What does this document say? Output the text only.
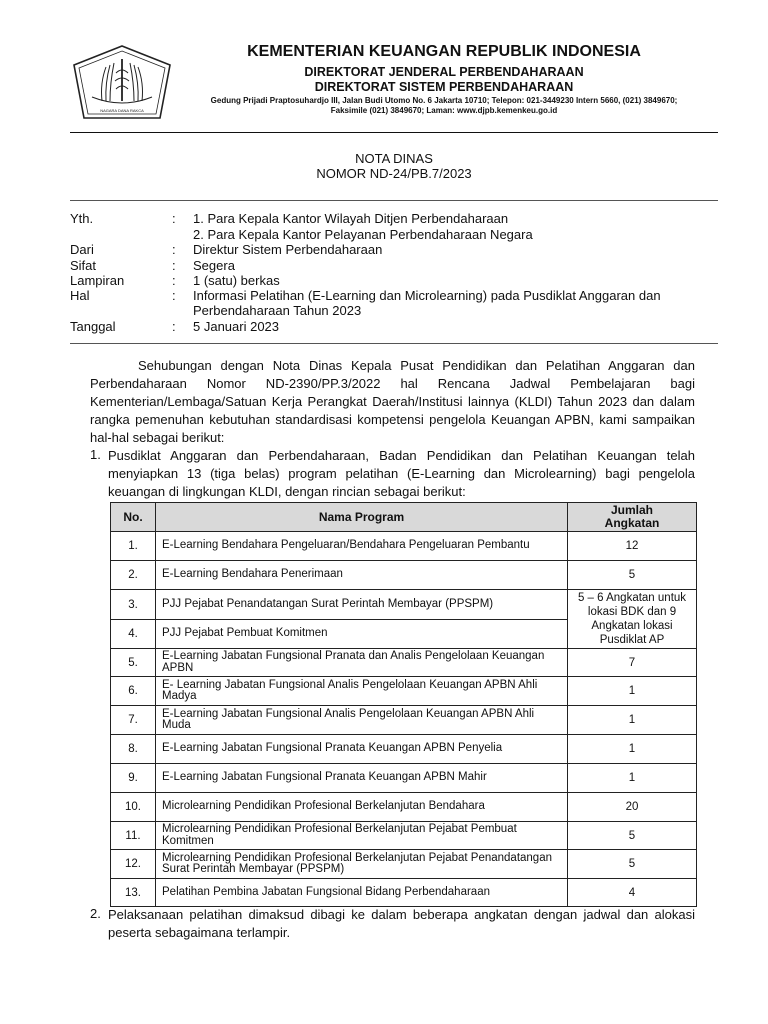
NAGARA DANA RAKCA
KEMENTERIAN KEUANGAN REPUBLIK INDONESIA
DIREKTORAT JENDERAL PERBENDAHARAAN
DIREKTORAT SISTEM PERBENDAHARAAN
Gedung Prijadi Praptosuhardjo III, Jalan Budi Utomo No. 6 Jakarta 10710; Telepon: 021-3449230 Intern 5660, (021) 3849670;
Faksimile (021) 3849670; Laman: www.djpb.kemenkeu.go.id
NOTA DINAS
NOMOR ND-24/PB.7/2023
Yth.	: 1. Para Kepala Kantor Wilayah Ditjen Perbendaharaan
2. Para Kepala Kantor Pelayanan Perbendaharaan Negara
Dari	: Direktur Sistem Perbendaharaan
Sifat	: Segera
Lampiran	: 1 (satu) berkas
Hal	: Informasi Pelatihan (E-Learning dan Microlearning) pada Pusdiklat Anggaran dan
Perbendaharaan Tahun 2023
Tanggal	: 5 Januari 2023
Sehubungan dengan Nota Dinas Kepala Pusat Pendidikan dan Pelatihan Anggaran dan Perbendaharaan Nomor ND-2390/PP.3/2022 hal Rencana Jadwal Pembelajaran bagi Kementerian/Lembaga/Satuan Kerja Perangkat Daerah/Institusi lainnya (KLDI) Tahun 2023 dan dalam rangka pemenuhan kebutuhan standardisasi kompetensi pengelola Keuangan APBN, kami sampaikan hal-hal sebagai berikut:
1. Pusdiklat Anggaran dan Perbendaharaan, Badan Pendidikan dan Pelatihan Keuangan telah menyiapkan 13 (tiga belas) program pelatihan (E-Learning dan Microlearning) bagi pengelola keuangan di lingkungan KLDI, dengan rincian sebagai berikut:
No.	Nama Program	Jumlah Angkatan
1.	E-Learning Bendahara Pengeluaran/Bendahara Pengeluaran Pembantu	12
2.	E-Learning Bendahara Penerimaan	5
3.	PJJ Pejabat Penandatangan Surat Perintah Membayar (PPSPM)	5 – 6 Angkatan untuk lokasi BDK dan 9 Angkatan lokasi Pusdiklat AP
4.	PJJ Pejabat Pembuat Komitmen	
5.	E-Learning Jabatan Fungsional Pranata dan Analis Pengelolaan Keuangan APBN	7
6.	E- Learning Jabatan Fungsional Analis Pengelolaan Keuangan APBN Ahli Madya	1
7.	E-Learning Jabatan Fungsional Analis Pengelolaan Keuangan APBN Ahli Muda	1
8.	E-Learning Jabatan Fungsional Pranata Keuangan APBN Penyelia	1
9.	E-Learning Jabatan Fungsional Pranata Keuangan APBN Mahir	1
10.	Microlearning Pendidikan Profesional Berkelanjutan Bendahara	20
11.	Microlearning Pendidikan Profesional Berkelanjutan Pejabat Pembuat Komitmen	5
12.	Microlearning Pendidikan Profesional Berkelanjutan Pejabat Penandatangan Surat Perintah Membayar (PPSPM)	5
13.	Pelatihan Pembina Jabatan Fungsional Bidang Perbendaharaan	4
2. Pelaksanaan pelatihan dimaksud dibagi ke dalam beberapa angkatan dengan jadwal dan alokasi peserta sebagaimana terlampir.
